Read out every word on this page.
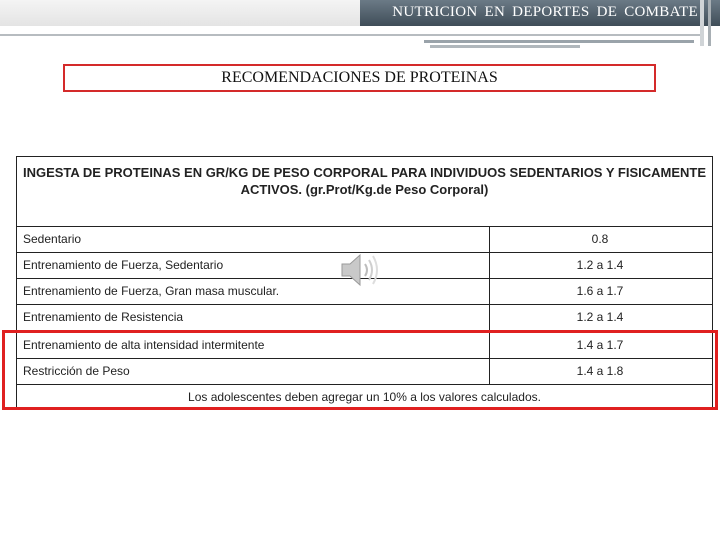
NUTRICION EN DEPORTES DE COMBATE
RECOMENDACIONES DE PROTEINAS
INGESTA DE PROTEINAS EN GR/KG DE PESO CORPORAL PARA INDIVIDUOS SEDENTARIOS Y FISICAMENTE
ACTIVOS. (gr.Prot/Kg.de Peso Corporal)
Sedentario	0.8
Entrenamiento de Fuerza, Sedentario	1.2 a 1.4
Entrenamiento de Fuerza, Gran masa muscular.	1.6 a 1.7
Entrenamiento de Resistencia	1.2 a 1.4
Entrenamiento de alta intensidad intermitente	1.4 a 1.7
Restricción de Peso	1.4 a 1.8
Los adolescentes deben agregar un 10% a los valores calculados.
